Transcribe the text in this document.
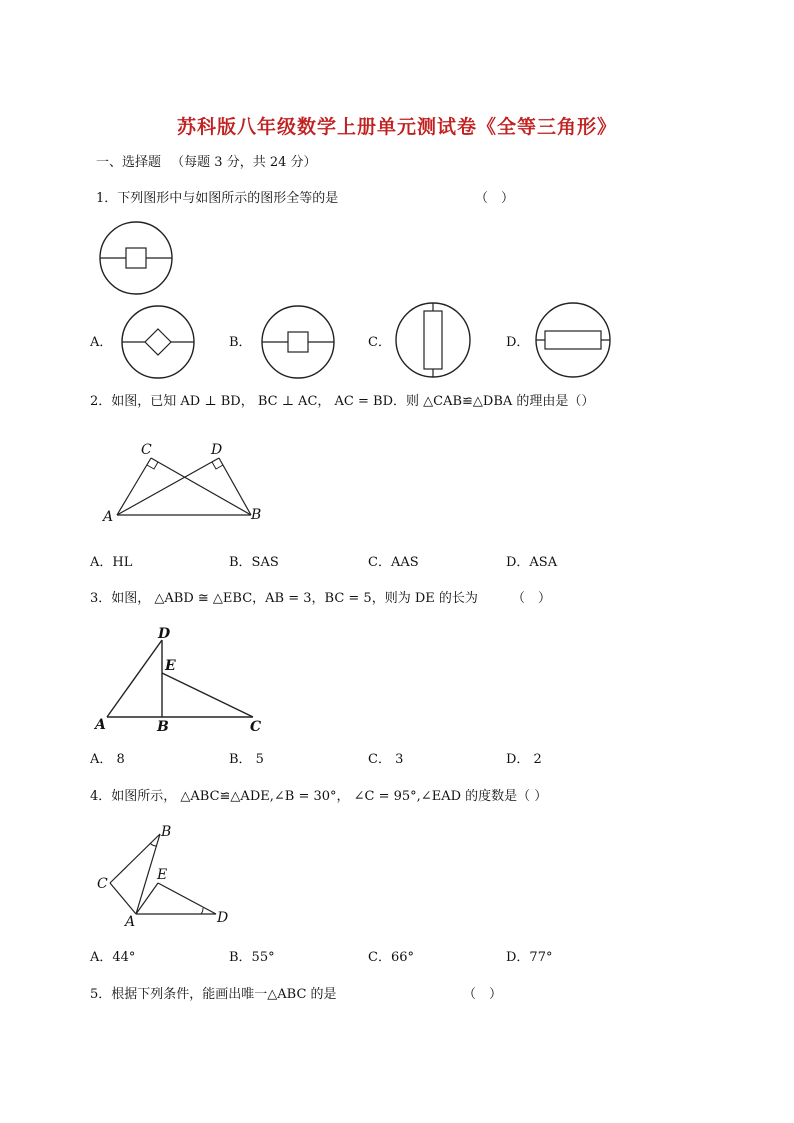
苏科版八年级数学上册单元测试卷《全等三角形》
一、选择题 （每题 3 分，共 24 分）
1．下列图形中与如图所示的图形全等的是	（　）
A．	B．	C．	D．
2．如图，已知 AD ⊥ BD， BC ⊥ AC， AC = BD．则 △CAB≌△DBA 的理由是（）
C	D
A	B
A．HL	B．SAS	C．AAS	D．ASA
3．如图， △ABD ≅ △EBC，AB = 3，BC = 5，则为 DE 的长为	（　）
D
E
A	B	C
A． 8	B． 5	C． 3	D． 2
4．如图所示， △ABC≌△ADE,∠B = 30°， ∠C = 95°,∠EAD 的度数是（ ）
B
C
E
A	D
A．44°	B．55°	C．66°	D．77°
5．根据下列条件，能画出唯一△ABC 的是	（　）
